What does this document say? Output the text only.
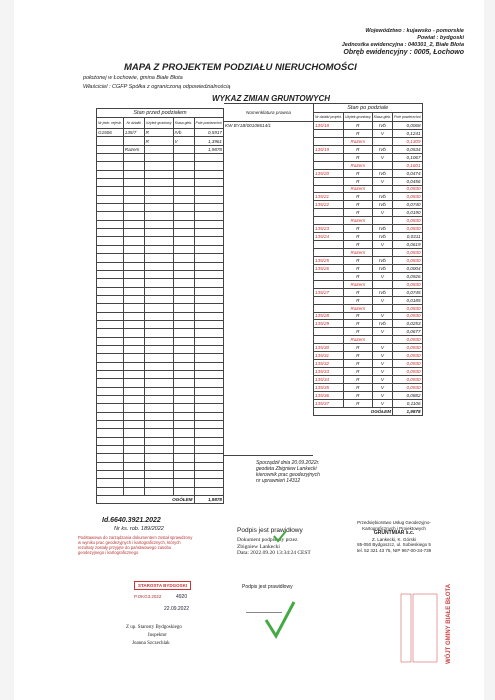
Województwo : kujawsko - pomorskie
Powiat : bydgoski
Jednostka ewidencyjna : 040301_2, Białe Błota
Obręb ewidencyjny : 0005, Łochowo
MAPA Z PROJEKTEM PODZIAŁU NIERUCHOMOŚCI
położonej w Łochowie, gmina Białe Błota
Właściciel : CGFP Spółka z ograniczoną odpowiedzialnością
WYKAZ ZMIAN GRUNTOWYCH
Stan przed podziałem				
Nr jedn. rejestr.	Nr działki	Użytek gruntowy	Klasa gleb.	Pole powierzchni
G1506	135/7	R	IVb	0,5917
		R	V	1,3961
	Razem			1,9878

OGÓŁEM				1,9878
Nomenklatura prawna
KW BY1B/00108614/1
Stan po podziale			
Nr działki projekt.	Użytek gruntowy	Klasa gleb.	Pole powierzchni
135/18	R	IVb	0,0068
	R	V	0,1241
	Razem		0,1309
135/19	R	IVb	0,0534
	R	V	0,1067
	Razem		0,1601
135/20	R	IVb	0,0474
	R	V	0,0456
	Razem		0,0930
135/21	R	IVb	0,0930
135/22	R	IVb	0,0740
	R	V	0,0190
	Razem		0,0930
135/23	R	IVb	0,0930
135/24	R	IVb	0,0311
	R	V	0,0619
	Razem		0,0930
135/25	R	IVb	0,0930
135/26	R	IVb	0,0004
	R	V	0,0926
	Razem		0,0930
135/27	R	IVb	0,0745
	R	V	0,0185
	Razem		0,0930
135/28	R	V	0,0930
135/29	R	IVb	0,0253
	R	V	0,0677
	Razem		0,0930
135/30	R	V	0,0930
135/31	R	V	0,0930
135/32	R	V	0,0930
135/33	R	V	0,0930
135/34	R	V	0,0930
135/35	R	V	0,0930
135/36	R	V	0,0882
135/37	R	V	0,1106
OGÓŁEM			1,9878
Sporządził dnia 20.09.2022r.
geodeta Zbigniew Lankecki
kierownik prac geodezyjnych
nr uprawnień 14312
Id.6640.3921.2022
Nr ks. rob. 189/2022
Podstawowa do zarządzania dokumentem został sprawdzony w wyniku prac geodezyjnych i kartograficznych, których rezultaty zostały przyjęte do państwowego zasobu geodezyjnego i kartograficznego
STAROSTA BYDGOSKI
P.OKG3.2022	4920
22.09.2022
Z up. Starosty Bydgoskiego
Inspektor
Joanna Szczechlak
Podpis jest prawidłowy
Dokument podpisany przez
Zbigniew Lankecki
Data: 2022.09.20 13:34:24 CEST
Przedsiębiorstwo Usług Geodezyjno-
Kartograficznych i Projektowych
GRUNTMIAR s.c.
Z. Lankecki, K. Górski
85-050 Bydgoszcz, ul. Sobieskiego 5
tel. 52 321 43 75, NIP 967-00-34-739
Podpis jest prawidłowy	WÓJT GMINY BIAŁE BŁOTA
